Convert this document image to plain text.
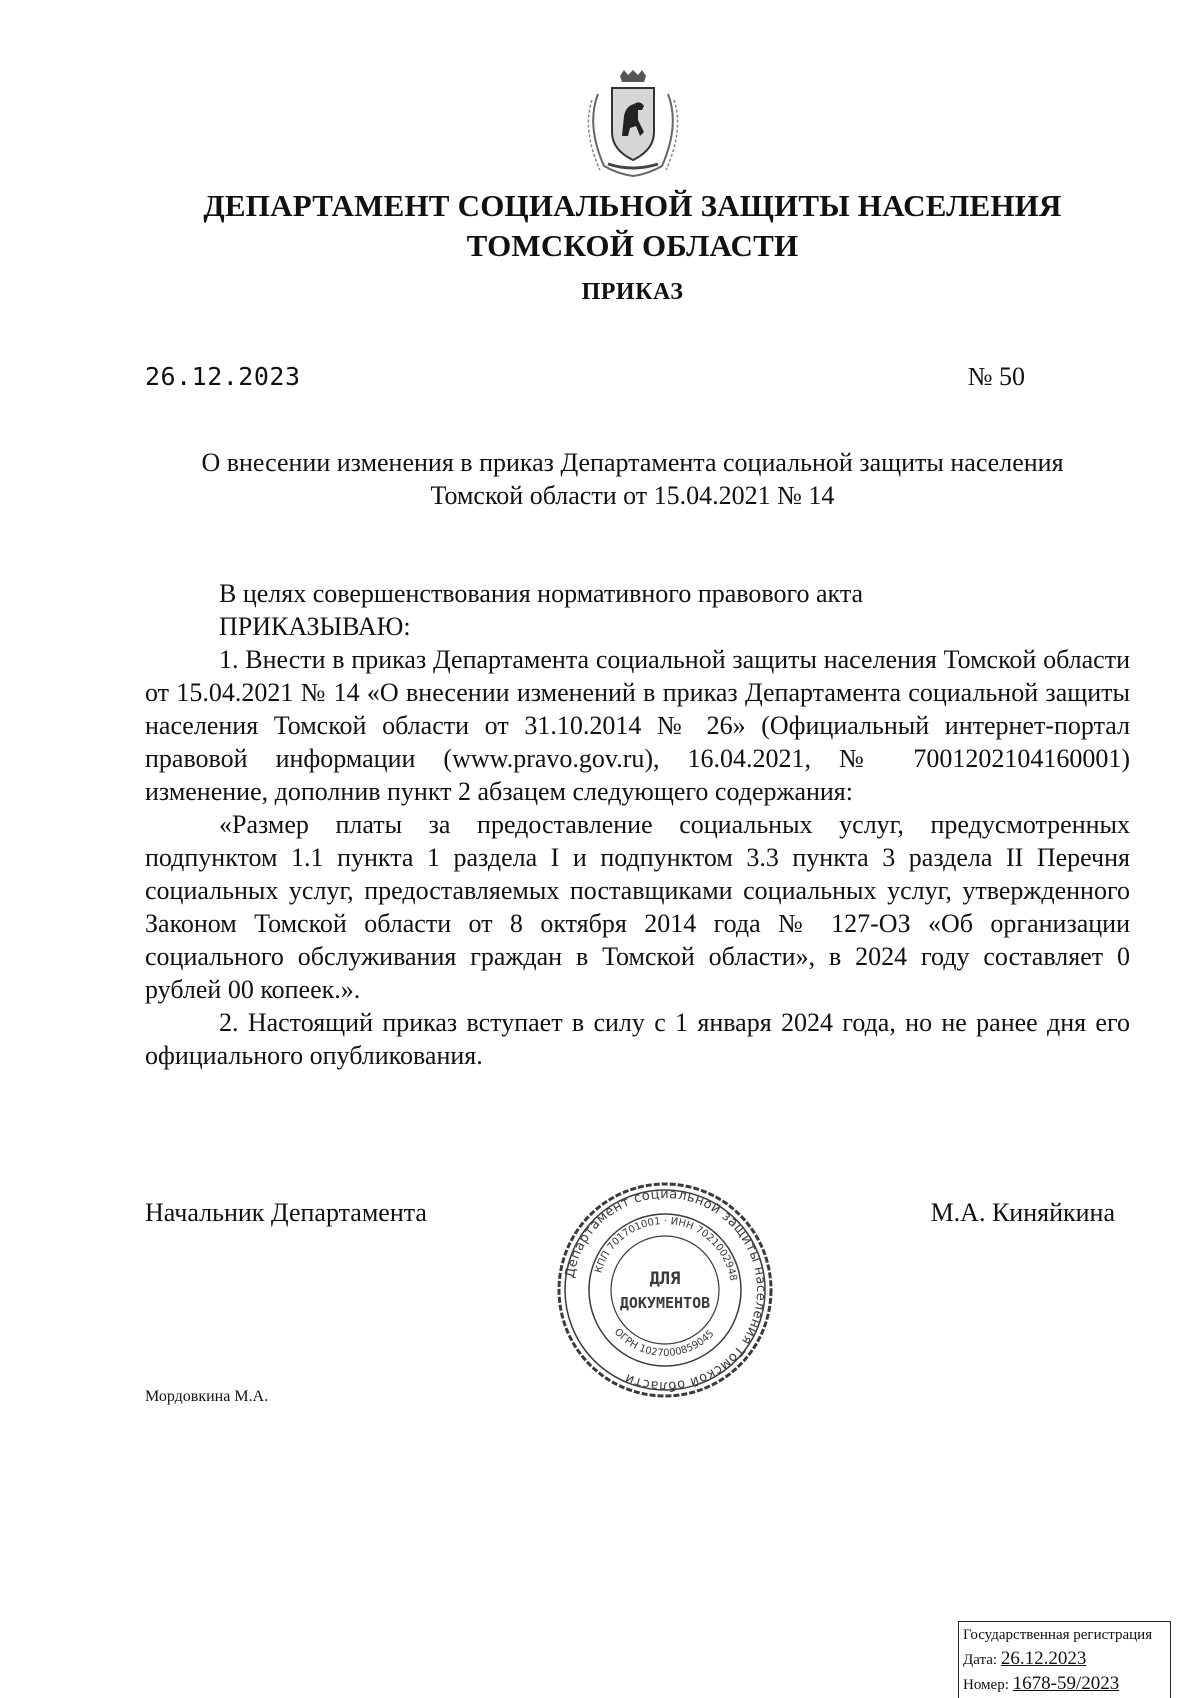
ДЕПАРТАМЕНТ СОЦИАЛЬНОЙ ЗАЩИТЫ НАСЕЛЕНИЯ
ТОМСКОЙ ОБЛАСТИ
ПРИКАЗ
26.12.2023	№ 50
О внесении изменения в приказ Департамента социальной защиты населения
Томской области от 15.04.2021 № 14

В целях совершенствования нормативного правового акта

ПРИКАЗЫВАЮ:

1. Внести в приказ Департамента социальной защиты населения Томской области от 15.04.2021 № 14 «О внесении изменений в приказ Департамента социальной защиты населения Томской области от 31.10.2014 № 26» (Официальный интернет-портал правовой информации (www.pravo.gov.ru), 16.04.2021, № 7001202104160001) изменение, дополнив пункт 2 абзацем следующего содержания:

«Размер платы за предоставление социальных услуг, предусмотренных подпунктом 1.1 пункта 1 раздела I и подпунктом 3.3 пункта 3 раздела II Перечня социальных услуг, предоставляемых поставщиками социальных услуг, утвержденного Законом Томской области от 8 октября 2014 года № 127-ОЗ «Об организации социального обслуживания граждан в Томской области», в 2024 году составляет 0 рублей 00 копеек.».

2. Настоящий приказ вступает в силу с 1 января 2024 года, но не ранее дня его официального опубликования.

Начальник Департамента	М.А. Киняйкина
Департамент социальной защиты населения Томской области
КПП 701701001 · ИНН 7021002948
ОГРН 1027000859045
ДЛЯ
ДОКУМЕНТОВ
Мордовкина М.А.
Государственная регистрация
Дата: 26.12.2023
Номер: 1678-59/2023
